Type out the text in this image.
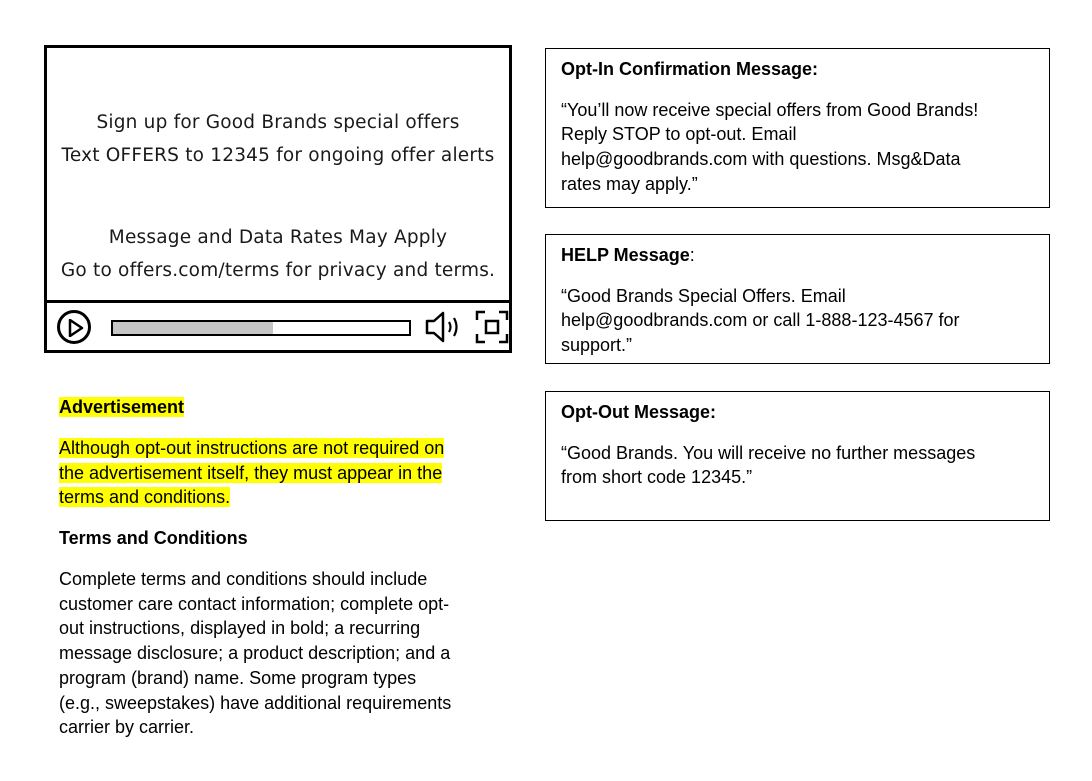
Sign up for Good Brands special offers
Text OFFERS to 12345 for ongoing offer alerts
Message and Data Rates May Apply
Go to offers.com/terms for privacy and terms.
Advertisement
Although opt-out instructions are not required on
the advertisement itself, they must appear in the
terms and conditions.
Terms and Conditions
Complete terms and conditions should include
customer care contact information; complete opt-
out instructions, displayed in bold; a recurring
message disclosure; a product description; and a
program (brand) name. Some program types
(e.g., sweepstakes) have additional requirements
carrier by carrier.
Opt-In Confirmation Message:
“You’ll now receive special offers from Good Brands!
Reply STOP to opt-out. Email
help@goodbrands.com with questions. Msg&Data
rates may apply.”
HELP Message:
“Good Brands Special Offers. Email
help@goodbrands.com or call 1-888-123-4567 for
support.”
Opt-Out Message:
“Good Brands. You will receive no further messages
from short code 12345.”
